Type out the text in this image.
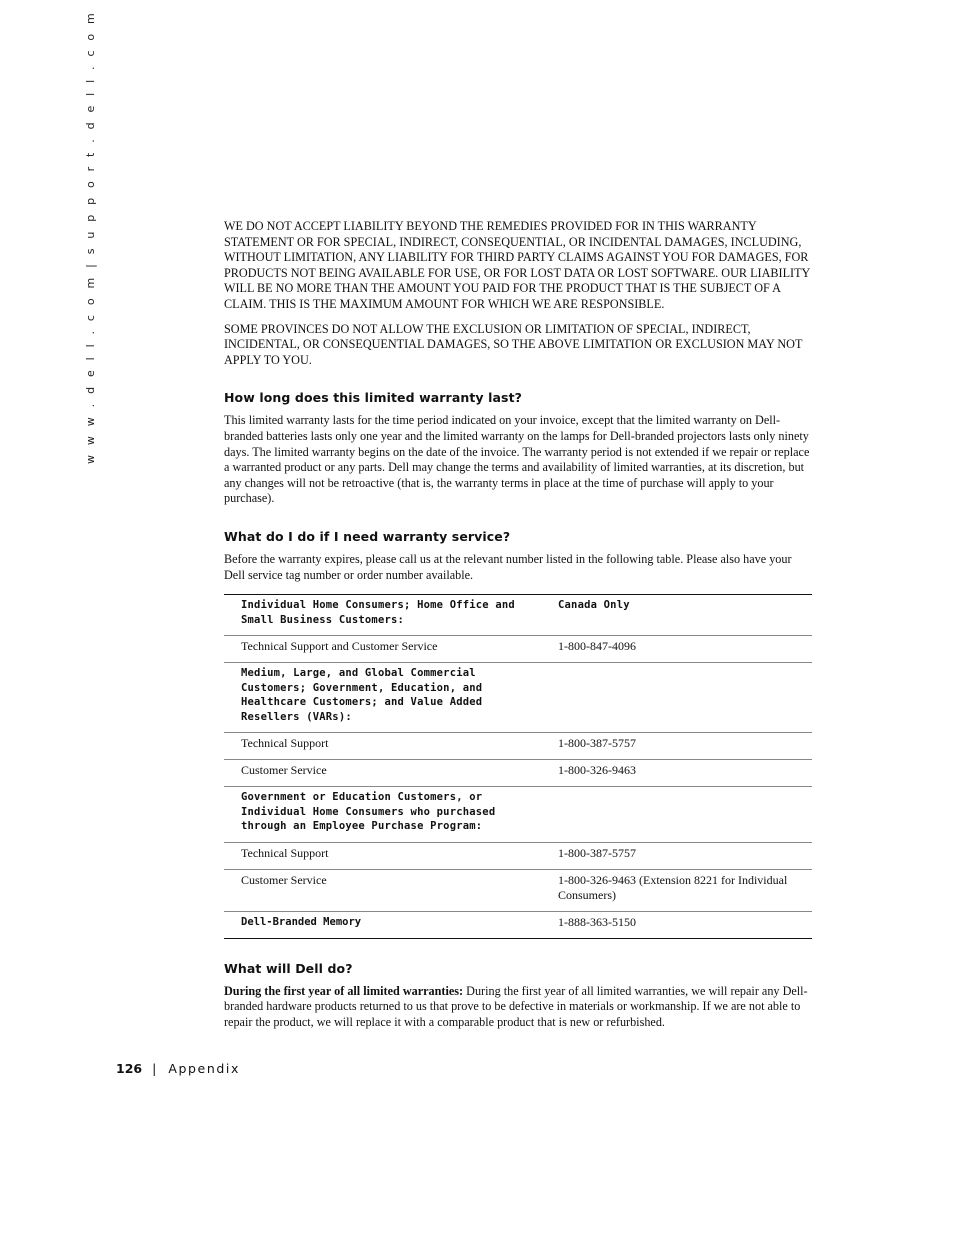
w w w . d e l l . c o m | s u p p o r t . d e l l . c o m	WE DO NOT ACCEPT LIABILITY BEYOND THE REMEDIES PROVIDED FOR IN THIS WARRANTY STATEMENT OR FOR SPECIAL, INDIRECT, CONSEQUENTIAL, OR INCIDENTAL DAMAGES, INCLUDING, WITHOUT LIMITATION, ANY LIABILITY FOR THIRD PARTY CLAIMS AGAINST YOU FOR DAMAGES, FOR PRODUCTS NOT BEING AVAILABLE FOR USE, OR FOR LOST DATA OR LOST SOFTWARE. OUR LIABILITY WILL BE NO MORE THAN THE AMOUNT YOU PAID FOR THE PRODUCT THAT IS THE SUBJECT OF A CLAIM. THIS IS THE MAXIMUM AMOUNT FOR WHICH WE ARE RESPONSIBLE.

SOME PROVINCES DO NOT ALLOW THE EXCLUSION OR LIMITATION OF SPECIAL, INDIRECT, INCIDENTAL, OR CONSEQUENTIAL DAMAGES, SO THE ABOVE LIMITATION OR EXCLUSION MAY NOT APPLY TO YOU.

How long does this limited warranty last?

This limited warranty lasts for the time period indicated on your invoice, except that the limited warranty on Dell-branded batteries lasts only one year and the limited warranty on the lamps for Dell-branded projectors lasts only ninety days. The limited warranty begins on the date of the invoice. The warranty period is not extended if we repair or replace a warranted product or any parts. Dell may change the terms and availability of limited warranties, at its discretion, but any changes will not be retroactive (that is, the warranty terms in place at the time of purchase will apply to your purchase).

What do I do if I need warranty service?

Before the warranty expires, please call us at the relevant number listed in the following table. Please also have your Dell service tag number or order number available.

Individual Home Consumers; Home Office and Small Business Customers:	Canada Only
Technical Support and Customer Service	1-800-847-4096
Medium, Large, and Global Commercial Customers; Government, Education, and Healthcare Customers; and Value Added Resellers (VARs):	
Technical Support	1-800-387-5757
Customer Service	1-800-326-9463
Government or Education Customers, or Individual Home Consumers who purchased through an Employee Purchase Program:	
Technical Support	1-800-387-5757
Customer Service	1-800-326-9463 (Extension 8221 for Individual Consumers)
Dell-Branded Memory	1-888-363-5150
What will Dell do?

During the first year of all limited warranties: During the first year of all limited warranties, we will repair any Dell-branded hardware products returned to us that prove to be defective in materials or workmanship. If we are not able to repair the product, we will replace it with a comparable product that is new or refurbished.

126 | Appendix
